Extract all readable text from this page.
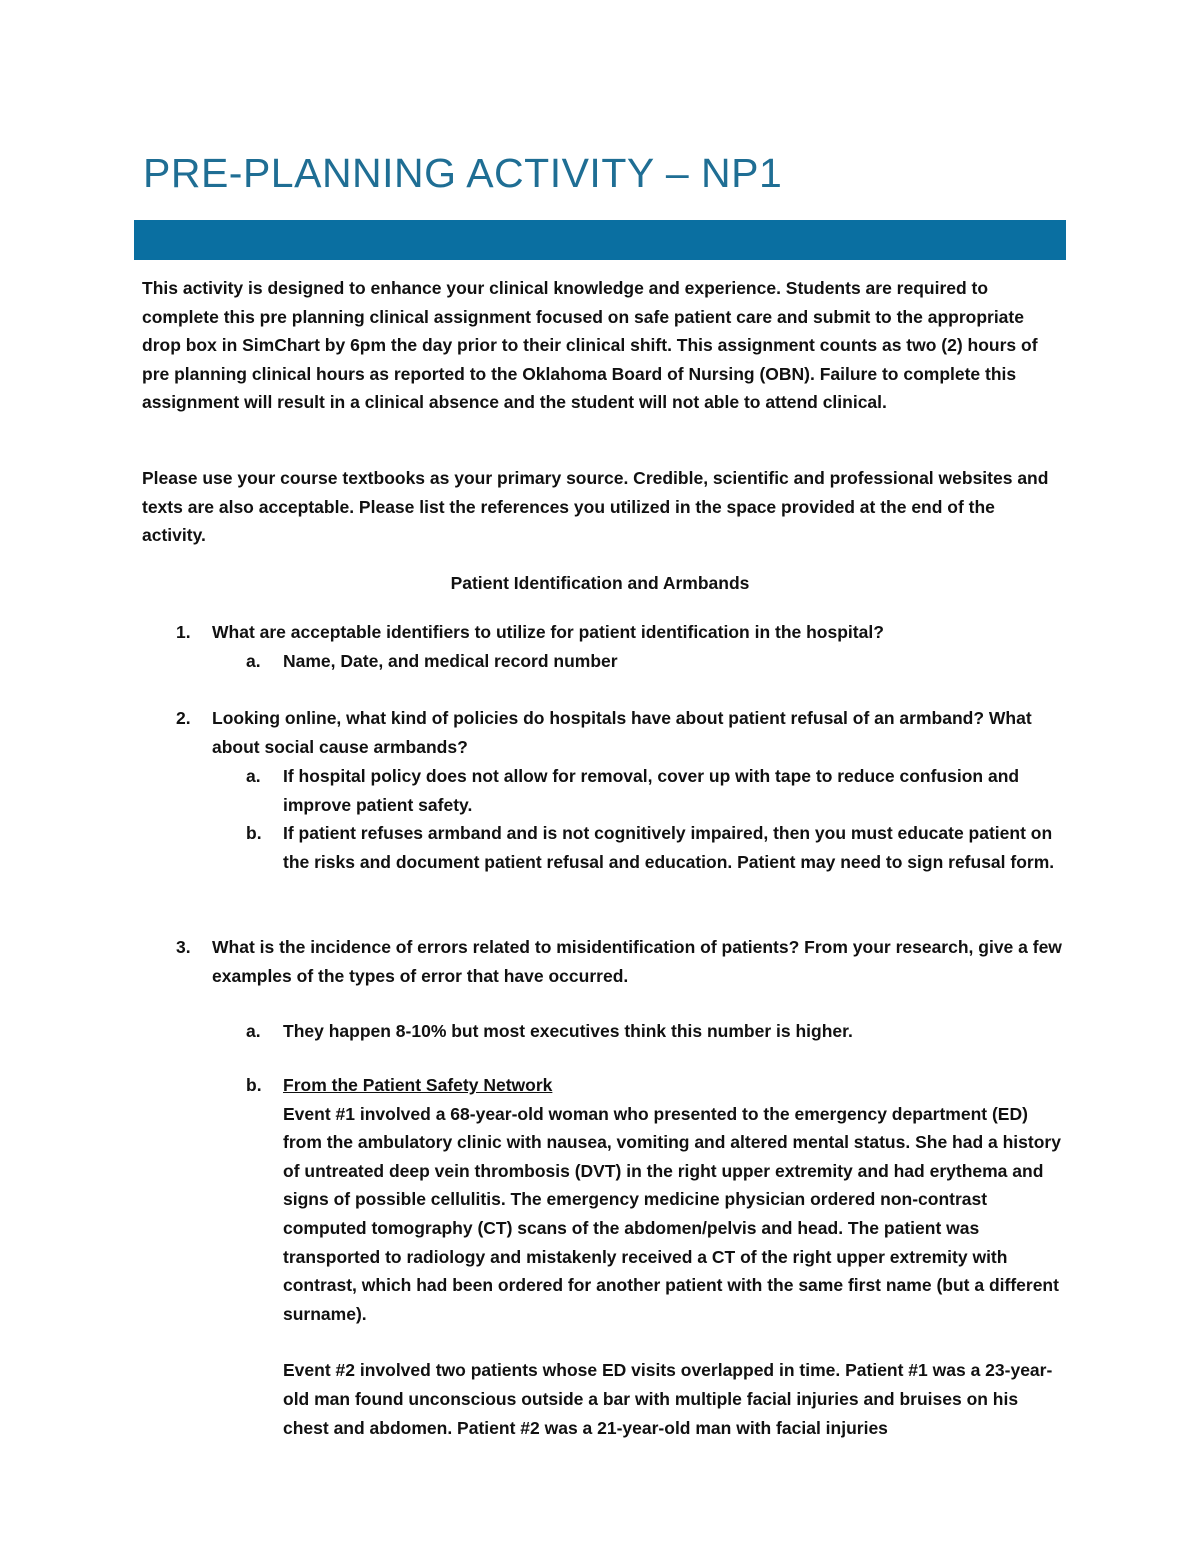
PRE-PLANNING ACTIVITY – NP1
This activity is designed to enhance your clinical knowledge and experience. Students are required to complete this pre planning clinical assignment focused on safe patient care and submit to the appropriate drop box in SimChart by 6pm the day prior to their clinical shift. This assignment counts as two (2) hours of pre planning clinical hours as reported to the Oklahoma Board of Nursing (OBN). Failure to complete this assignment will result in a clinical absence and the student will not able to attend clinical.
Please use your course textbooks as your primary source. Credible, scientific and professional websites and texts are also acceptable. Please list the references you utilized in the space provided at the end of the activity.
Patient Identification and Armbands
1. What are acceptable identifiers to utilize for patient identification in the hospital?
a. Name, Date, and medical record number
2. Looking online, what kind of policies do hospitals have about patient refusal of an armband? What about social cause armbands?
a. If hospital policy does not allow for removal, cover up with tape to reduce confusion and improve patient safety.
b. If patient refuses armband and is not cognitively impaired, then you must educate patient on the risks and document patient refusal and education. Patient may need to sign refusal form.
3. What is the incidence of errors related to misidentification of patients? From your research, give a few examples of the types of error that have occurred.
a. They happen 8-10% but most executives think this number is higher.
b. From the Patient Safety Network
Event #1 involved a 68-year-old woman who presented to the emergency department (ED) from the ambulatory clinic with nausea, vomiting and altered mental status. She had a history of untreated deep vein thrombosis (DVT) in the right upper extremity and had erythema and signs of possible cellulitis. The emergency medicine physician ordered non-contrast computed tomography (CT) scans of the abdomen/pelvis and head. The patient was transported to radiology and mistakenly received a CT of the right upper extremity with contrast, which had been ordered for another patient with the same first name (but a different surname).
Event #2 involved two patients whose ED visits overlapped in time. Patient #1 was a 23-year-old man found unconscious outside a bar with multiple facial injuries and bruises on his chest and abdomen. Patient #2 was a 21-year-old man with facial injuries
